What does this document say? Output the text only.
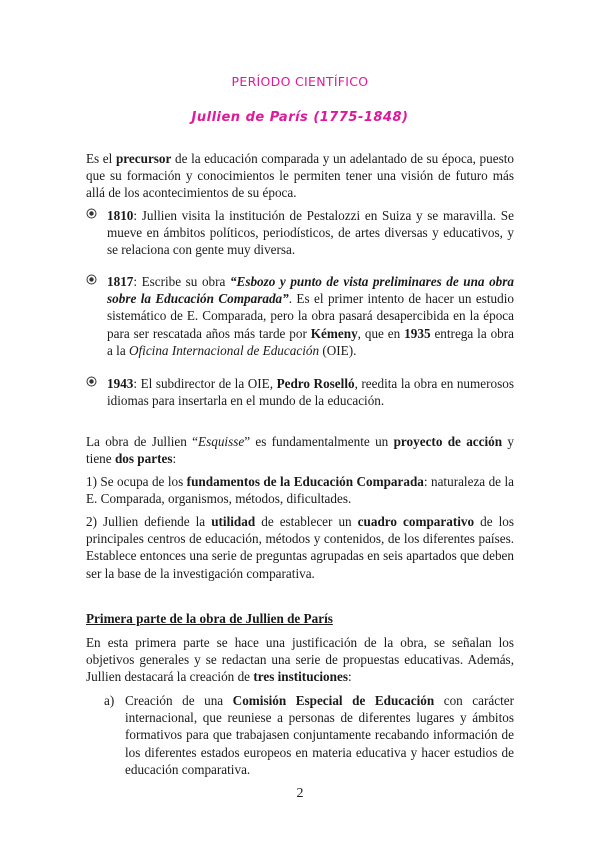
PERÍODO CIENTÍFICO
Jullien de París (1775-1848)
Es el precursor de la educación comparada y un adelantado de su época, puesto que su formación y conocimientos le permiten tener una visión de futuro más allá de los acontecimientos de su época.
1810: Jullien visita la institución de Pestalozzi en Suiza y se maravilla. Se mueve en ámbitos políticos, periodísticos, de artes diversas y educativos, y se relaciona con gente muy diversa.
1817: Escribe su obra “Esbozo y punto de vista preliminares de una obra sobre la Educación Comparada”. Es el primer intento de hacer un estudio sistemático de E. Comparada, pero la obra pasará desapercibida en la época para ser rescatada años más tarde por Kémeny, que en 1935 entrega la obra a la Oficina Internacional de Educación (OIE).
1943: El subdirector de la OIE, Pedro Roselló, reedita la obra en numerosos idiomas para insertarla en el mundo de la educación.
La obra de Jullien “Esquisse” es fundamentalmente un proyecto de acción y tiene dos partes:
1) Se ocupa de los fundamentos de la Educación Comparada: naturaleza de la E. Comparada, organismos, métodos, dificultades.
2) Jullien defiende la utilidad de establecer un cuadro comparativo de los principales centros de educación, métodos y contenidos, de los diferentes países. Establece entonces una serie de preguntas agrupadas en seis apartados que deben ser la base de la investigación comparativa.
Primera parte de la obra de Jullien de París
En esta primera parte se hace una justificación de la obra, se señalan los objetivos generales y se redactan una serie de propuestas educativas. Además, Jullien destacará la creación de tres instituciones:
a) Creación de una Comisión Especial de Educación con carácter internacional, que reuniese a personas de diferentes lugares y ámbitos formativos para que trabajasen conjuntamente recabando información de los diferentes estados europeos en materia educativa y hacer estudios de educación comparativa.
2
